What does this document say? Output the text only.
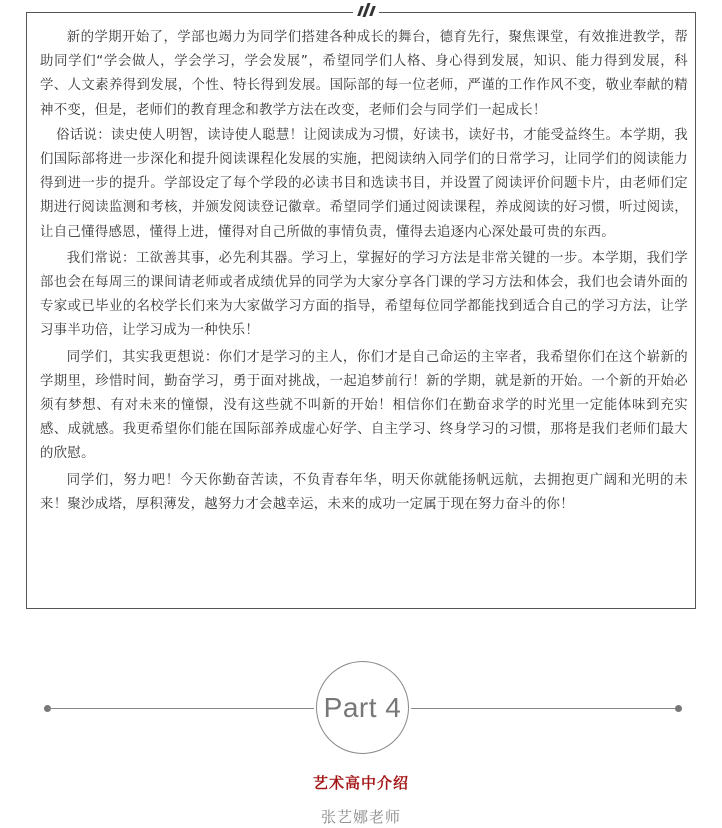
新的学期开始了，学部也竭力为同学们搭建各种成长的舞台，德育先行，聚焦课堂，有效推进教学，帮助同学们“学会做人，学会学习，学会发展”，希望同学们人格、身心得到发展，知识、能力得到发展，科学、人文素养得到发展，个性、特长得到发展。国际部的每一位老师，严谨的工作作风不变，敬业奉献的精神不变，但是，老师们的教育理念和教学方法在改变，老师们会与同学们一起成长！

俗话说：读史使人明智，读诗使人聪慧！让阅读成为习惯，好读书，读好书，才能受益终生。本学期，我们国际部将进一步深化和提升阅读课程化发展的实施，把阅读纳入同学们的日常学习，让同学们的阅读能力得到进一步的提升。学部设定了每个学段的必读书目和选读书目，并设置了阅读评价问题卡片，由老师们定期进行阅读监测和考核，并颁发阅读登记徽章。希望同学们通过阅读课程，养成阅读的好习惯，听过阅读，让自己懂得感恩，懂得上进，懂得对自己所做的事情负责，懂得去追逐内心深处最可贵的东西。

我们常说：工欲善其事，必先利其器。学习上，掌握好的学习方法是非常关键的一步。本学期，我们学部也会在每周三的课间请老师或者成绩优异的同学为大家分享各门课的学习方法和体会，我们也会请外面的专家或已毕业的名校学长们来为大家做学习方面的指导，希望每位同学都能找到适合自己的学习方法，让学习事半功倍，让学习成为一种快乐！

同学们，其实我更想说：你们才是学习的主人，你们才是自己命运的主宰者，我希望你们在这个崭新的学期里，珍惜时间，勤奋学习，勇于面对挑战，一起追梦前行！新的学期，就是新的开始。一个新的开始必须有梦想、有对未来的憧憬，没有这些就不叫新的开始！相信你们在勤奋求学的时光里一定能体味到充实感、成就感。我更希望你们能在国际部养成虚心好学、自主学习、终身学习的习惯，那将是我们老师们最大的欣慰。

同学们，努力吧！今天你勤奋苦读，不负青春年华，明天你就能扬帆远航，去拥抱更广阔和光明的未来！聚沙成塔，厚积薄发，越努力才会越幸运，未来的成功一定属于现在努力奋斗的你！

Part 4
艺术高中介绍
张艺娜老师
